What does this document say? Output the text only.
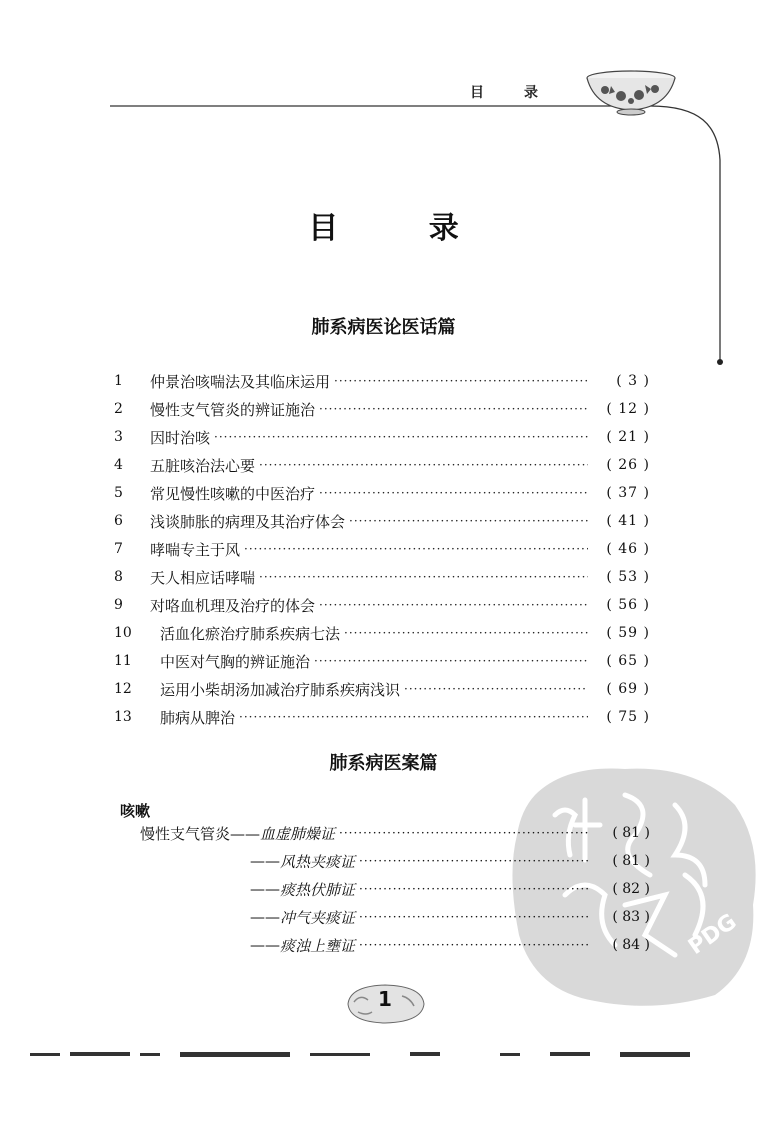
目录
目 录
肺系病医论医话篇
1	仲景治咳喘法及其临床运用 ·····	( 3 )
2	慢性支气管炎的辨证施治 ·····	( 12 )
3	因时治咳 ·····	( 21 )
4	五脏咳治法心要 ·····	( 26 )
5	常见慢性咳嗽的中医治疗 ·····	( 37 )
6	浅谈肺胀的病理及其治疗体会 ·····	( 41 )
7	哮喘专主于风 ·····	( 46 )
8	天人相应话哮喘 ·····	( 53 )
9	对咯血机理及治疗的体会 ·····	( 56 )
10	活血化瘀治疗肺系疾病七法 ·····	( 59 )
11	中医对气胸的辨证施治 ·····	( 65 )
12	运用小柴胡汤加减治疗肺系疾病浅识 ·····	( 69 )
13	肺病从脾治 ·····	( 75 )
肺系病医案篇
PDG
咳嗽
慢性支气管炎—— 血虚肺燥证 ·····	( 81 )
—— 风热夹痰证 ·····	( 81 )
—— 痰热伏肺证 ·····	( 82 )
—— 冲气夹痰证 ·····	( 83 )
—— 痰浊上壅证 ·····	( 84 )
1
